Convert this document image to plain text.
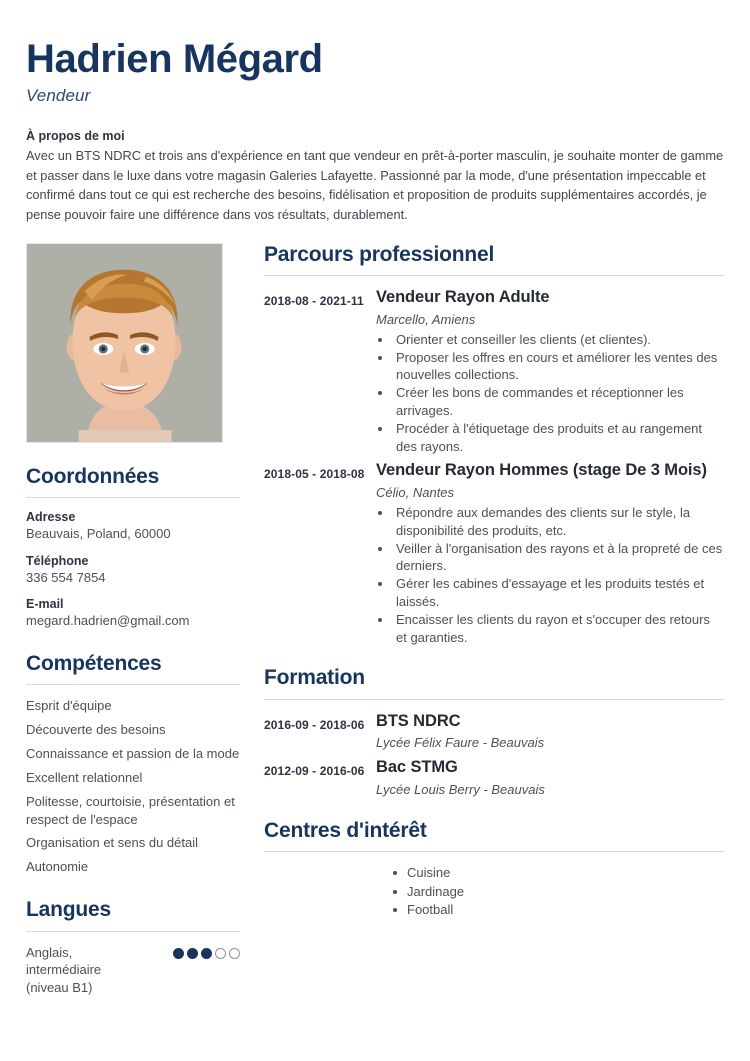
Hadrien Mégard
Vendeur
À propos de moi
Avec un BTS NDRC et trois ans d'expérience en tant que vendeur en prêt-à-porter masculin, je souhaite monter de gamme et passer dans le luxe dans votre magasin Galeries Lafayette. Passionné par la mode, d'une présentation impeccable et confirmé dans tout ce qui est recherche des besoins, fidélisation et proposition de produits supplémentaires accordés, je pense pouvoir faire une différence dans vos résultats, durablement.
Coordonnées
Adresse
Beauvais, Poland, 60000
Téléphone
336 554 7854
E-mail
megard.hadrien@gmail.com
Compétences
Esprit d'équipe
Découverte des besoins
Connaissance et passion de la mode
Excellent relationnel
Politesse, courtoisie, présentation et respect de l'espace
Organisation et sens du détail
Autonomie
Langues
Anglais, intermédiaire (niveau B1)
Parcours professionnel
2018-08 - 2021-11 Vendeur Rayon Adulte
Marcello, Amiens
• Orienter et conseiller les clients (et clientes).
• Proposer les offres en cours et améliorer les ventes des nouvelles collections.
• Créer les bons de commandes et réceptionner les arrivages.
• Procéder à l'étiquetage des produits et au rangement des rayons.
2018-05 - 2018-08 Vendeur Rayon Hommes (stage De 3 Mois)
Célio, Nantes
• Répondre aux demandes des clients sur le style, la disponibilité des produits, etc.
• Veiller à l'organisation des rayons et à la propreté de ces derniers.
• Gérer les cabines d'essayage et les produits testés et laissés.
• Encaisser les clients du rayon et s'occuper des retours et garanties.
Formation
2016-09 - 2018-06 BTS NDRC
Lycée Félix Faure - Beauvais
2012-09 - 2016-06 Bac STMG
Lycée Louis Berry - Beauvais
Centres d'intérêt
Cuisine
Jardinage
Football
